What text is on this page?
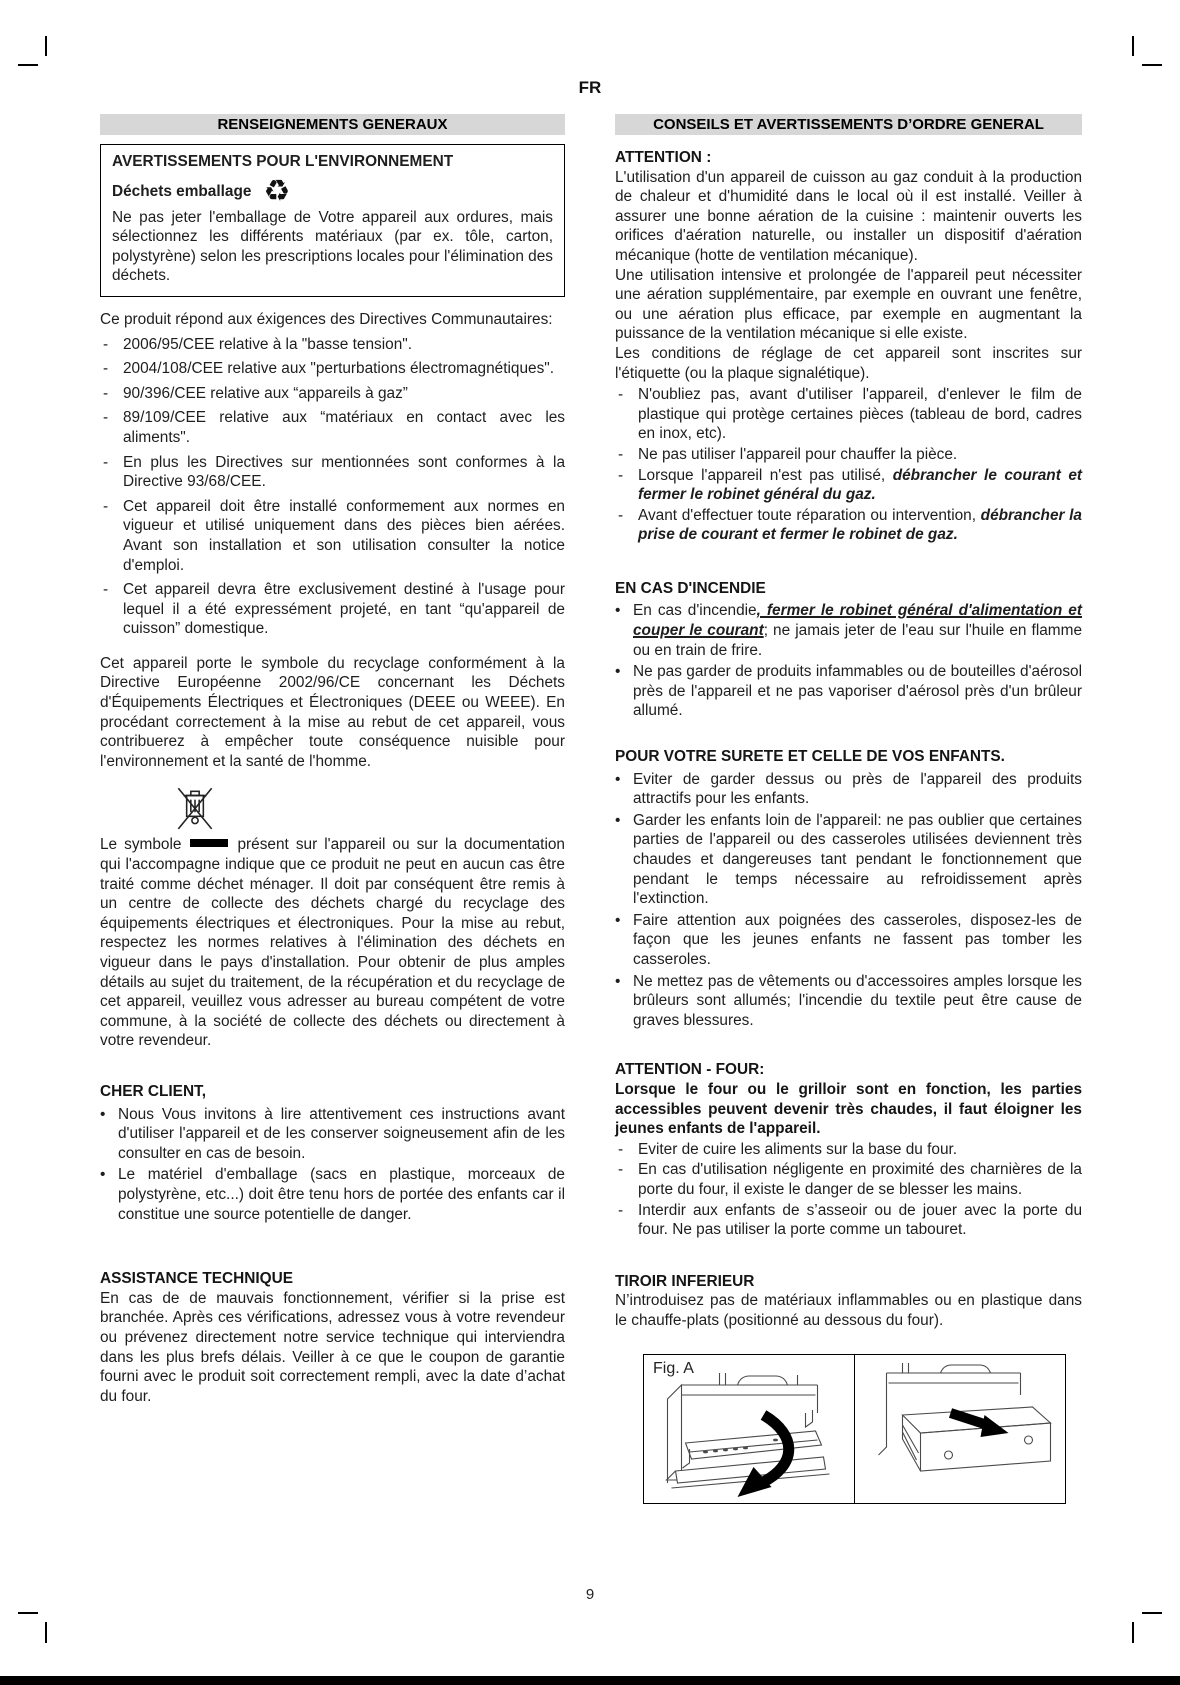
FR
9
RENSEIGNEMENTS GENERAUX
AVERTISSEMENTS POUR L'ENVIRONNEMENT
Déchets emballage ♻
Ne pas jeter l'emballage de Votre appareil aux ordures, mais sélectionnez les différents matériaux (par ex. tôle, carton, polystyrène) selon les prescriptions locales pour l'élimination des déchets.
Ce produit répond aux éxigences des Directives Communautaires:
- 2006/95/CEE relative à la "basse tension".
- 2004/108/CEE relative aux "perturbations électromagnétiques".
- 90/396/CEE relative aux “appareils à gaz”
- 89/109/CEE relative aux “matériaux en contact avec les aliments".
- En plus les Directives sur mentionnées sont conformes à la Directive 93/68/CEE.
- Cet appareil doit être installé conformement aux normes en vigueur et utilisé uniquement dans des pièces bien aérées. Avant son installation et son utilisation consulter la notice d'emploi.
- Cet appareil devra être exclusivement destiné à l'usage pour lequel il a été expressément projeté, en tant “qu'appareil de cuisson” domestique.
Cet appareil porte le symbole du recyclage conformément à la Directive Européenne 2002/96/CE concernant les Déchets d'Équipements Électriques et Électroniques (DEEE ou WEEE). En procédant correctement à la mise au rebut de cet appareil, vous contribuerez à empêcher toute conséquence nuisible pour l'environnement et la santé de l'homme.
Le symbole	présent sur l'appareil ou sur la documentation qui l'accompagne indique que ce produit ne peut en aucun cas être traité comme déchet ménager. Il doit par conséquent être remis à un centre de collecte des déchets chargé du recyclage des équipements électriques et électroniques. Pour la mise au rebut, respectez les normes relatives à l'élimination des déchets en vigueur dans le pays d'installation. Pour obtenir de plus amples détails au sujet du traitement, de la récupération et du recyclage de cet appareil, veuillez vous adresser au bureau compétent de votre commune, à la société de collecte des déchets ou directement à votre revendeur.
CHER CLIENT,
• Nous Vous invitons à lire attentivement ces instructions avant d'utiliser l'appareil et de les conserver soigneusement afin de les consulter en cas de besoin.
• Le matériel d'emballage (sacs en plastique, morceaux de polystyrène, etc...) doit être tenu hors de portée des enfants car il constitue une source potentielle de danger.
ASSISTANCE TECHNIQUE
En cas de de mauvais fonctionnement, vérifier si la prise est branchée. Après ces vérifications, adressez vous à votre revendeur ou prévenez directement notre service technique qui interviendra dans les plus brefs délais. Veiller à ce que le coupon de garantie fourni avec le produit soit correctement rempli, avec la date d’achat du four.
CONSEILS ET AVERTISSEMENTS D’ORDRE GENERAL
ATTENTION :
L'utilisation d'un appareil de cuisson au gaz conduit à la production de chaleur et d'humidité dans le local où il est installé. Veiller à assurer une bonne aération de la cuisine : maintenir ouverts les orifices d'aération naturelle, ou installer un dispositif d'aération mécanique (hotte de ventilation mécanique).
Une utilisation intensive et prolongée de l'appareil peut nécessiter une aération supplémentaire, par exemple en ouvrant une fenêtre, ou une aération plus efficace, par exemple en augmentant la puissance de la ventilation mécanique si elle existe.
Les conditions de réglage de cet appareil sont inscrites sur l'étiquette (ou la plaque signalétique).
- N'oubliez pas, avant d'utiliser l'appareil, d'enlever le film de plastique qui protège certaines pièces (tableau de bord, cadres en inox, etc).
- Ne pas utiliser l'appareil pour chauffer la pièce.
- Lorsque l'appareil n'est pas utilisé, débrancher le courant et fermer le robinet général du gaz.
- Avant d'effectuer toute réparation ou intervention, débrancher la prise de courant et fermer le robinet de gaz.
EN CAS D'INCENDIE
• En cas d'incendie, fermer le robinet général d'alimentation et couper le courant; ne jamais jeter de l'eau sur l'huile en flamme ou en train de frire.
• Ne pas garder de produits infammables ou de bouteilles d'aérosol près de l'appareil et ne pas vaporiser d'aérosol près d'un brûleur allumé.
POUR VOTRE SURETE ET CELLE DE VOS ENFANTS.
• Eviter de garder dessus ou près de l'appareil des produits attractifs pour les enfants.
• Garder les enfants loin de l'appareil: ne pas oublier que certaines parties de l'appareil ou des casseroles utilisées deviennent très chaudes et dangereuses tant pendant le fonctionnement que pendant le temps nécessaire au refroidissement après l'extinction.
• Faire attention aux poignées des casseroles, disposez-les de façon que les jeunes enfants ne fassent pas tomber les casseroles.
• Ne mettez pas de vêtements ou d'accessoires amples lorsque les brûleurs sont allumés; l'incendie du textile peut être cause de graves blessures.
ATTENTION - FOUR:
Lorsque le four ou le grilloir sont en fonction, les parties accessibles peuvent devenir très chaudes, il faut éloigner les jeunes enfants de l'appareil.
- Eviter de cuire les aliments sur la base du four.
- En cas d'utilisation négligente en proximité des charnières de la porte du four, il existe le danger de se blesser les mains.
- Interdir aux enfants de s’asseoir ou de jouer avec la porte du four. Ne pas utiliser la porte comme un tabouret.
TIROIR INFERIEUR
N’introduisez pas de matériaux inflammables ou en plastique dans le chauffe-plats (positionné au dessous du four).
Fig. A
